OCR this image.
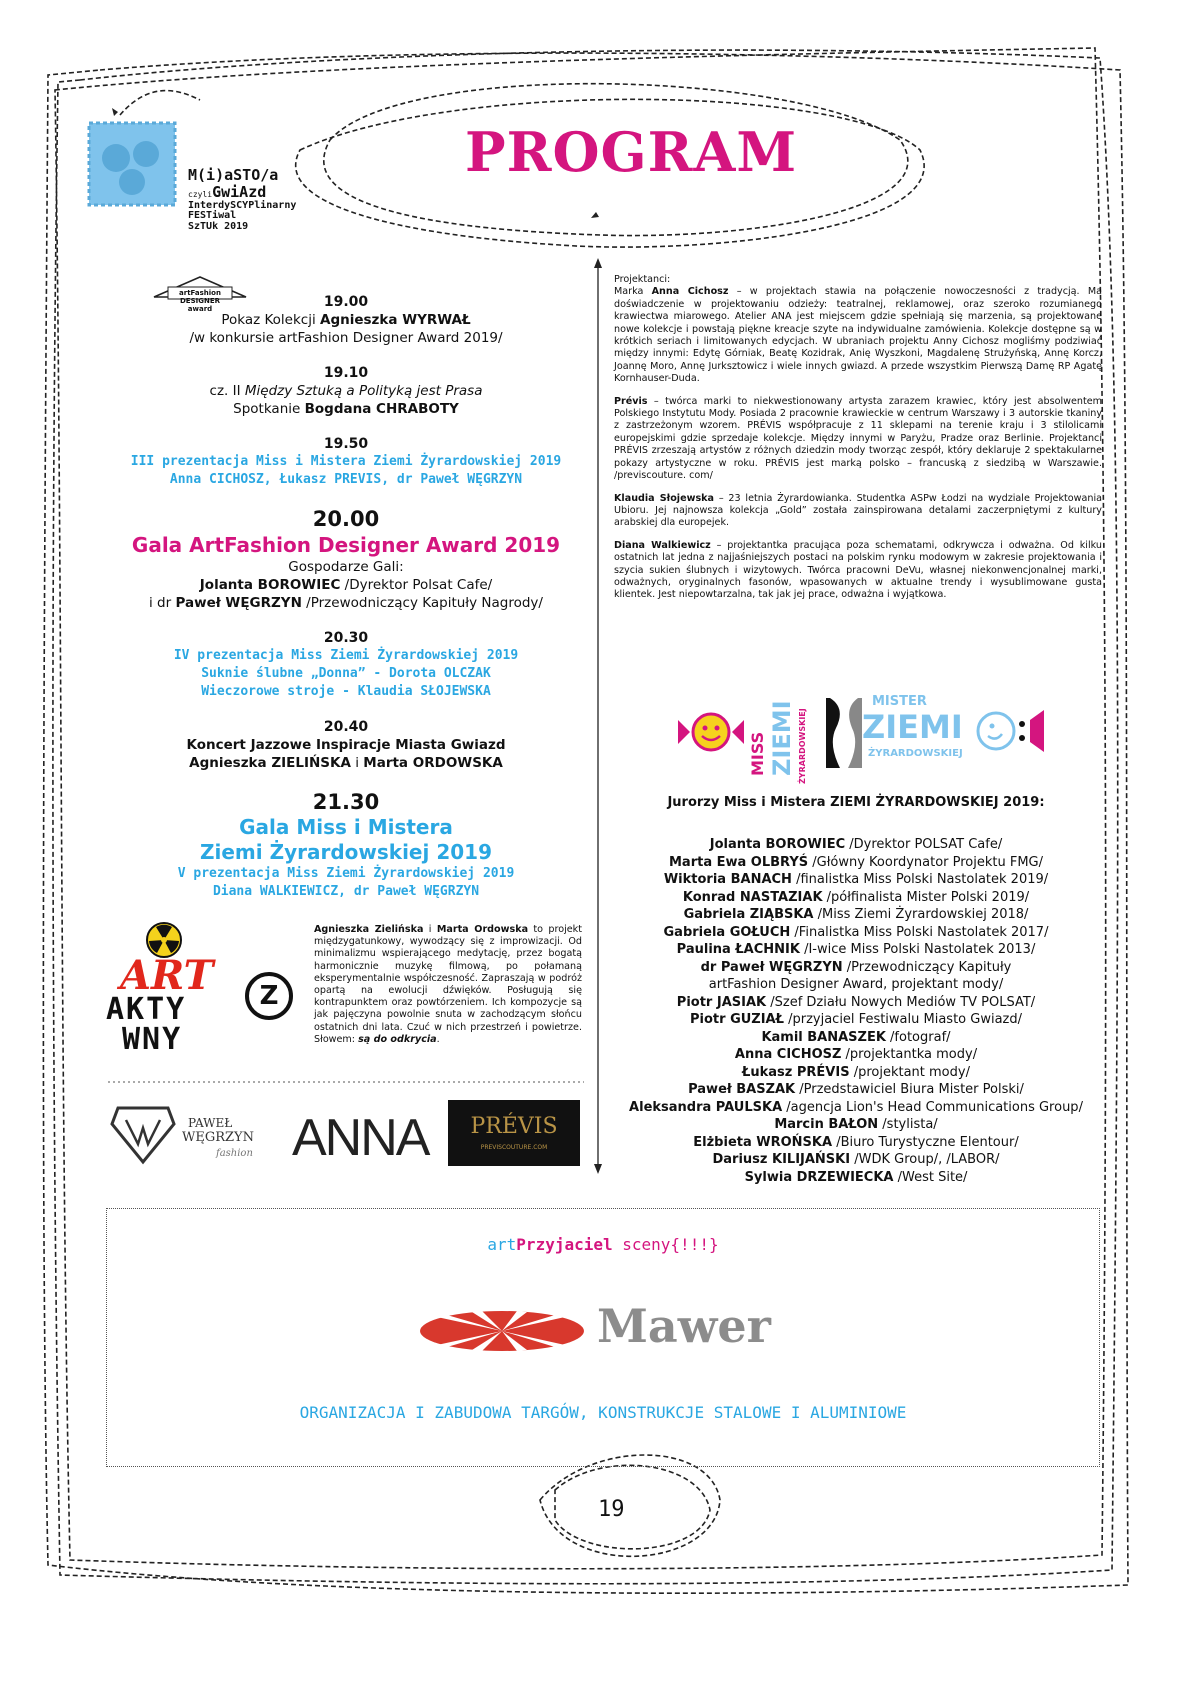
M(i)aSTO/a
czyliGwiAzd
InterdySCYPlinarny
FESTiwal
SzTUk 2019
PROGRAM
artFashion DESIGNER award	19.00

Pokaz Kolekcji Agnieszka WYRWAŁ

/w konkursie artFashion Designer Award 2019/

19.10

cz. II Między Sztuką a Polityką jest Prasa

Spotkanie Bogdana CHRABOTY

19.50

III prezentacja Miss i Mistera Ziemi Żyrardowskiej 2019

Anna CICHOSZ, Łukasz PREVIS, dr Paweł WĘGRZYN

20.00

Gala ArtFashion Designer Award 2019

Gospodarze Gali:

Jolanta BOROWIEC /Dyrektor Polsat Cafe/

i dr Paweł WĘGRZYN /Przewodniczący Kapituły Nagrody/

20.30

IV prezentacja Miss Ziemi Żyrardowskiej 2019

Suknie ślubne „Donna” - Dorota OLCZAK

Wieczorowe stroje - Klaudia SŁOJEWSKA

20.40

Koncert Jazzowe Inspiracje Miasta Gwiazd

Agnieszka ZIELIŃSKA i Marta ORDOWSKA

21.30

Gala Miss i Mistera

Ziemi Żyrardowskiej 2019

V prezentacja Miss Ziemi Żyrardowskiej 2019

Diana WALKIEWICZ, dr Paweł WĘGRZYN

ART
AKTY
WNY
Z
Agnieszka Zielińska i Marta Ordowska to projekt międzygatunkowy, wywodzący się z improwizacji. Od minimalizmu wspierającego medytację, przez bogatą harmonicznie muzykę filmową, po połamaną eksperymentalnie współczesność. Zapraszają w podróż opartą na ewolucji dźwięków. Posługują się kontrapunktem oraz powtórzeniem. Ich kompozycje są jak pajęczyna powolnie snuta w zachodzącym słońcu ostatnich dni lata. Czuć w nich przestrzeń i powietrze. Słowem: są do odkrycia.
PAWEŁ
WĘGRZYN
fashion ANNA	PRÉVIS
PREVISCOUTURE.COM

Projektanci:

Marka Anna Cichosz – w projektach stawia na połączenie nowoczesności z tradycją. Ma doświadczenie w projektowaniu odzieży: teatralnej, reklamowej, oraz szeroko rozumianego krawiectwa miarowego. Atelier ANA jest miejscem gdzie spełniają się marzenia, są projektowane nowe kolekcje i powstają piękne kreacje szyte na indywidualne zamówienia. Kolekcje dostępne są w krótkich seriach i limitowanych edycjach. W ubraniach projektu Anny Cichosz mogliśmy podziwiać między innymi: Edytę Górniak, Beatę Kozidrak, Anię Wyszkoni, Magdalenę Strużyńską, Annę Korcz, Joannę Moro, Annę Jurksztowicz i wiele innych gwiazd. A przede wszystkim Pierwszą Damę RP Agatę Kornhauser-Duda.

Prévis – twórca marki to niekwestionowany artysta zarazem krawiec, który jest absolwentem Polskiego Instytutu Mody. Posiada 2 pracownie krawieckie w centrum Warszawy i 3 autorskie tkaniny z zastrzeżonym wzorem. PRÉVIS współpracuje z 11 sklepami na terenie kraju i 3 stilolicami europejskimi gdzie sprzedaje kolekcje. Między innymi w Paryżu, Pradze oraz Berlinie. Projektanci PRÉVIS zrzeszają artystów z różnych dziedzin mody tworząc zespół, który deklaruje 2 spektakularne pokazy artystyczne w roku. PRÉVIS jest marką polsko – francuską z siedzibą w Warszawie. /previscouture. com/

Klaudia Słojewska – 23 letnia Żyrardowianka. Studentka ASPw Łodzi na wydziale Projektowania Ubioru. Jej najnowsza kolekcja „Gold” została zainspirowana detalami zaczerpniętymi z kultury arabskiej dla europejek.

Diana Walkiewicz – projektantka pracująca poza schematami, odkrywcza i odważna. Od kilku ostatnich lat jedna z najjaśniejszych postaci na polskim rynku modowym w zakresie projektowania i szycia sukien ślubnych i wizytowych. Twórca pracowni DeVu, własnej niekonwencjonalnej marki, odważnych, oryginalnych fasonów, wpasowanych w aktualne trendy i wysublimowane gusta klientek. Jest niepowtarzalna, tak jak jej prace, odważna i wyjątkowa.

MISS ZIEMI ŻYRARDOWSKIEJ
MISTER
ZIEMI
ŻYRARDOWSKIEJ
Jurorzy Miss i Mistera ZIEMI ŻYRARDOWSKIEJ 2019:
Jolanta BOROWIEC /Dyrektor POLSAT Cafe/
Marta Ewa OLBRYŚ /Główny Koordynator Projektu FMG/
Wiktoria BANACH /finalistka Miss Polski Nastolatek 2019/
Konrad NASTAZIAK /półfinalista Mister Polski 2019/
Gabriela ZIĄBSKA /Miss Ziemi Żyrardowskiej 2018/
Gabriela GOŁUCH /Finalistka Miss Polski Nastolatek 2017/
Paulina ŁACHNIK /I-wice Miss Polski Nastolatek 2013/
dr Paweł WĘGRZYN /Przewodniczący Kapituły
artFashion Designer Award, projektant mody/
Piotr JASIAK /Szef Działu Nowych Mediów TV POLSAT/
Piotr GUZIAŁ /przyjaciel Festiwalu Miasto Gwiazd/
Kamil BANASZEK /fotograf/
Anna CICHOSZ /projektantka mody/
Łukasz PRÉVIS /projektant mody/
Paweł BASZAK /Przedstawiciel Biura Mister Polski/
Aleksandra PAULSKA /agencja Lion's Head Communications Group/
Marcin BAŁON /stylista/
Elżbieta WROŃSKA /Biuro Turystyczne Elentour/
Dariusz KILIJAŃSKI /WDK Group/, /LABOR/
Sylwia DRZEWIECKA /West Site/
artPrzyjaciel sceny{!!!}
Mawer
ORGANIZACJA I ZABUDOWA TARGÓW, KONSTRUKCJE STALOWE I ALUMINIOWE
19
